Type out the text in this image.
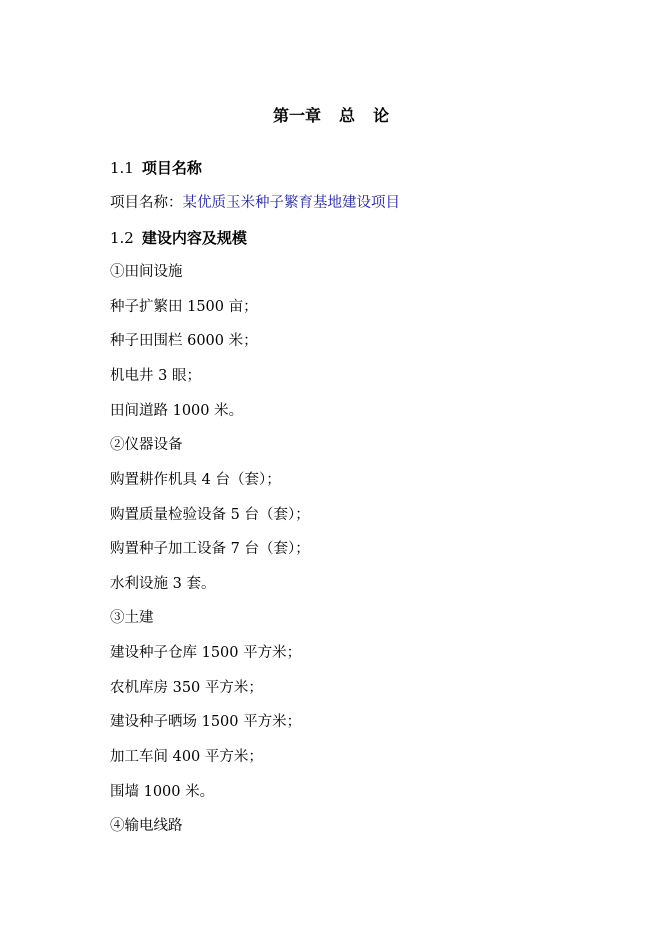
第一章 总 论
1.1 项目名称
项目名称：某优质玉米种子繁育基地建设项目
1.2 建设内容及规模
①田间设施
种子扩繁田 1500 亩；
种子田围栏 6000 米；
机电井 3 眼；
田间道路 1000 米。
②仪器设备
购置耕作机具 4 台（套）；
购置质量检验设备 5 台（套）；
购置种子加工设备 7 台（套）；
水利设施 3 套。
③土建
建设种子仓库 1500 平方米；
农机库房 350 平方米；
建设种子晒场 1500 平方米；
加工车间 400 平方米；
围墙 1000 米。
④输电线路
